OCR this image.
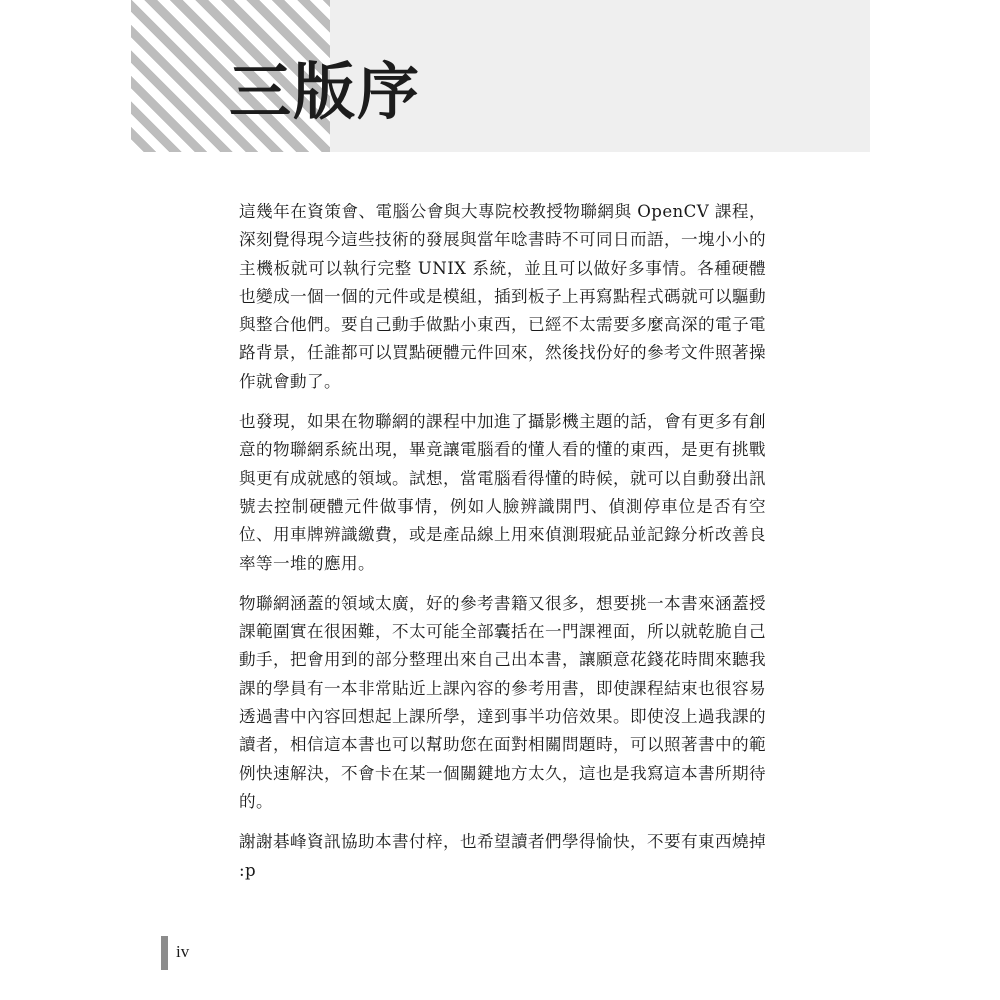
三版序

這幾年在資策會、電腦公會與大專院校教授物聯網與 OpenCV 課程，深刻覺得現今這些技術的發展與當年唸書時不可同日而語，一塊小小的主機板就可以執行完整 UNIX 系統，並且可以做好多事情。各種硬體也變成一個一個的元件或是模組，插到板子上再寫點程式碼就可以驅動與整合他們。要自己動手做點小東西，已經不太需要多麼高深的電子電路背景，任誰都可以買點硬體元件回來，然後找份好的參考文件照著操作就會動了。

也發現，如果在物聯網的課程中加進了攝影機主題的話，會有更多有創意的物聯網系統出現，畢竟讓電腦看的懂人看的懂的東西，是更有挑戰與更有成就感的領域。試想，當電腦看得懂的時候，就可以自動發出訊號去控制硬體元件做事情，例如人臉辨識開門、偵測停車位是否有空位、用車牌辨識繳費，或是產品線上用來偵測瑕疵品並記錄分析改善良率等一堆的應用。

物聯網涵蓋的領域太廣，好的參考書籍又很多，想要挑一本書來涵蓋授課範圍實在很困難，不太可能全部囊括在一門課裡面，所以就乾脆自己動手，把會用到的部分整理出來自己出本書，讓願意花錢花時間來聽我課的學員有一本非常貼近上課內容的參考用書，即使課程結束也很容易透過書中內容回想起上課所學，達到事半功倍效果。即使沒上過我課的讀者，相信這本書也可以幫助您在面對相關問題時，可以照著書中的範例快速解決，不會卡在某一個關鍵地方太久，這也是我寫這本書所期待的。

謝謝碁峰資訊協助本書付梓，也希望讀者們學得愉快，不要有東西燒掉 :p

iv
